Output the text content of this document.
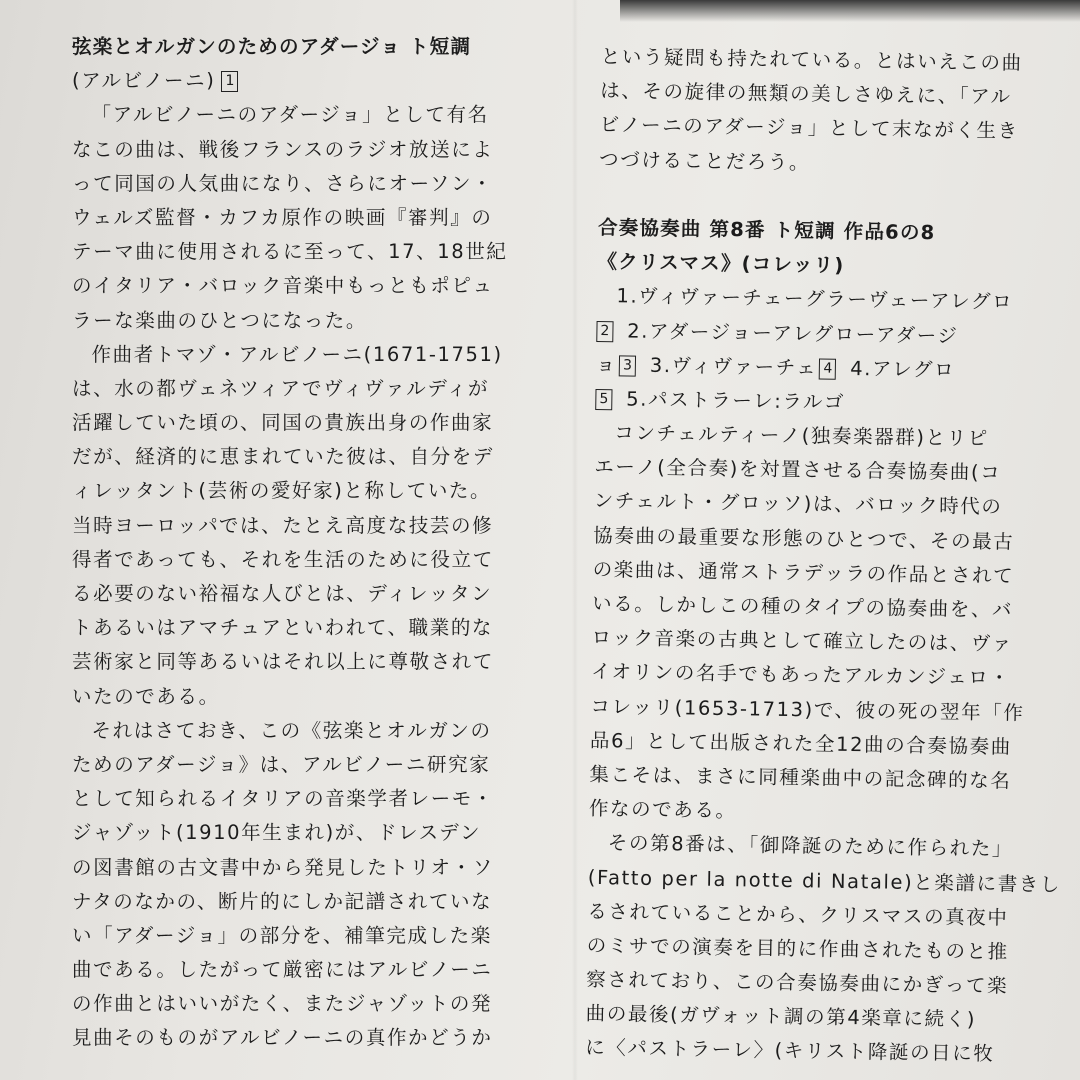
弦楽とオルガンのためのアダージョ ト短調
(アルビノーニ) 1
「アルビノーニのアダージョ」として有名
なこの曲は、戦後フランスのラジオ放送によ
って同国の人気曲になり、さらにオーソン・
ウェルズ監督・カフカ原作の映画『審判』の
テーマ曲に使用されるに至って、17、18世紀
のイタリア・バロック音楽中もっともポピュ
ラーな楽曲のひとつになった。
作曲者トマゾ・アルビノーニ(1671-1751)
は、水の都ヴェネツィアでヴィヴァルディが
活躍していた頃の、同国の貴族出身の作曲家
だが、経済的に恵まれていた彼は、自分をデ
ィレッタント(芸術の愛好家)と称していた。
当時ヨーロッパでは、たとえ高度な技芸の修
得者であっても、それを生活のために役立て
る必要のない裕福な人びとは、ディレッタン
トあるいはアマチュアといわれて、職業的な
芸術家と同等あるいはそれ以上に尊敬されて
いたのである。
それはさておき、この《弦楽とオルガンの
ためのアダージョ》は、アルビノーニ研究家
として知られるイタリアの音楽学者レーモ・
ジャゾット(1910年生まれ)が、ドレスデン
の図書館の古文書中から発見したトリオ・ソ
ナタのなかの、断片的にしか記譜されていな
い「アダージョ」の部分を、補筆完成した楽
曲である。したがって厳密にはアルビノーニ
の作曲とはいいがたく、またジャゾットの発
見曲そのものがアルビノーニの真作かどうか
という疑問も持たれている。とはいえこの曲
は、その旋律の無類の美しさゆえに、「アル
ビノーニのアダージョ」として末ながく生き
つづけることだろう。
合奏協奏曲 第8番 ト短調 作品6の8
《クリスマス》(コレッリ)
1.ヴィヴァーチェーグラーヴェーアレグロ
2 2.アダージョーアレグローアダージ
ョ 3 3.ヴィヴァーチェ 4 4.アレグロ
5 5.パストラーレ:ラルゴ
コンチェルティーノ(独奏楽器群)とリピ
エーノ(全合奏)を対置させる合奏協奏曲(コ
ンチェルト・グロッソ)は、バロック時代の
協奏曲の最重要な形態のひとつで、その最古
の楽曲は、通常ストラデッラの作品とされて
いる。しかしこの種のタイプの協奏曲を、バ
ロック音楽の古典として確立したのは、ヴァ
イオリンの名手でもあったアルカンジェロ・
コレッリ(1653-1713)で、彼の死の翌年「作
品6」として出版された全12曲の合奏協奏曲
集こそは、まさに同種楽曲中の記念碑的な名
作なのである。
その第8番は、「御降誕のために作られた」
(Fatto per la notte di Natale)と楽譜に書きし
るされていることから、クリスマスの真夜中
のミサでの演奏を目的に作曲されたものと推
察されており、この合奏協奏曲にかぎって楽
曲の最後(ガヴォット調の第4楽章に続く)
に〈パストラーレ〉(キリスト降誕の日に牧
